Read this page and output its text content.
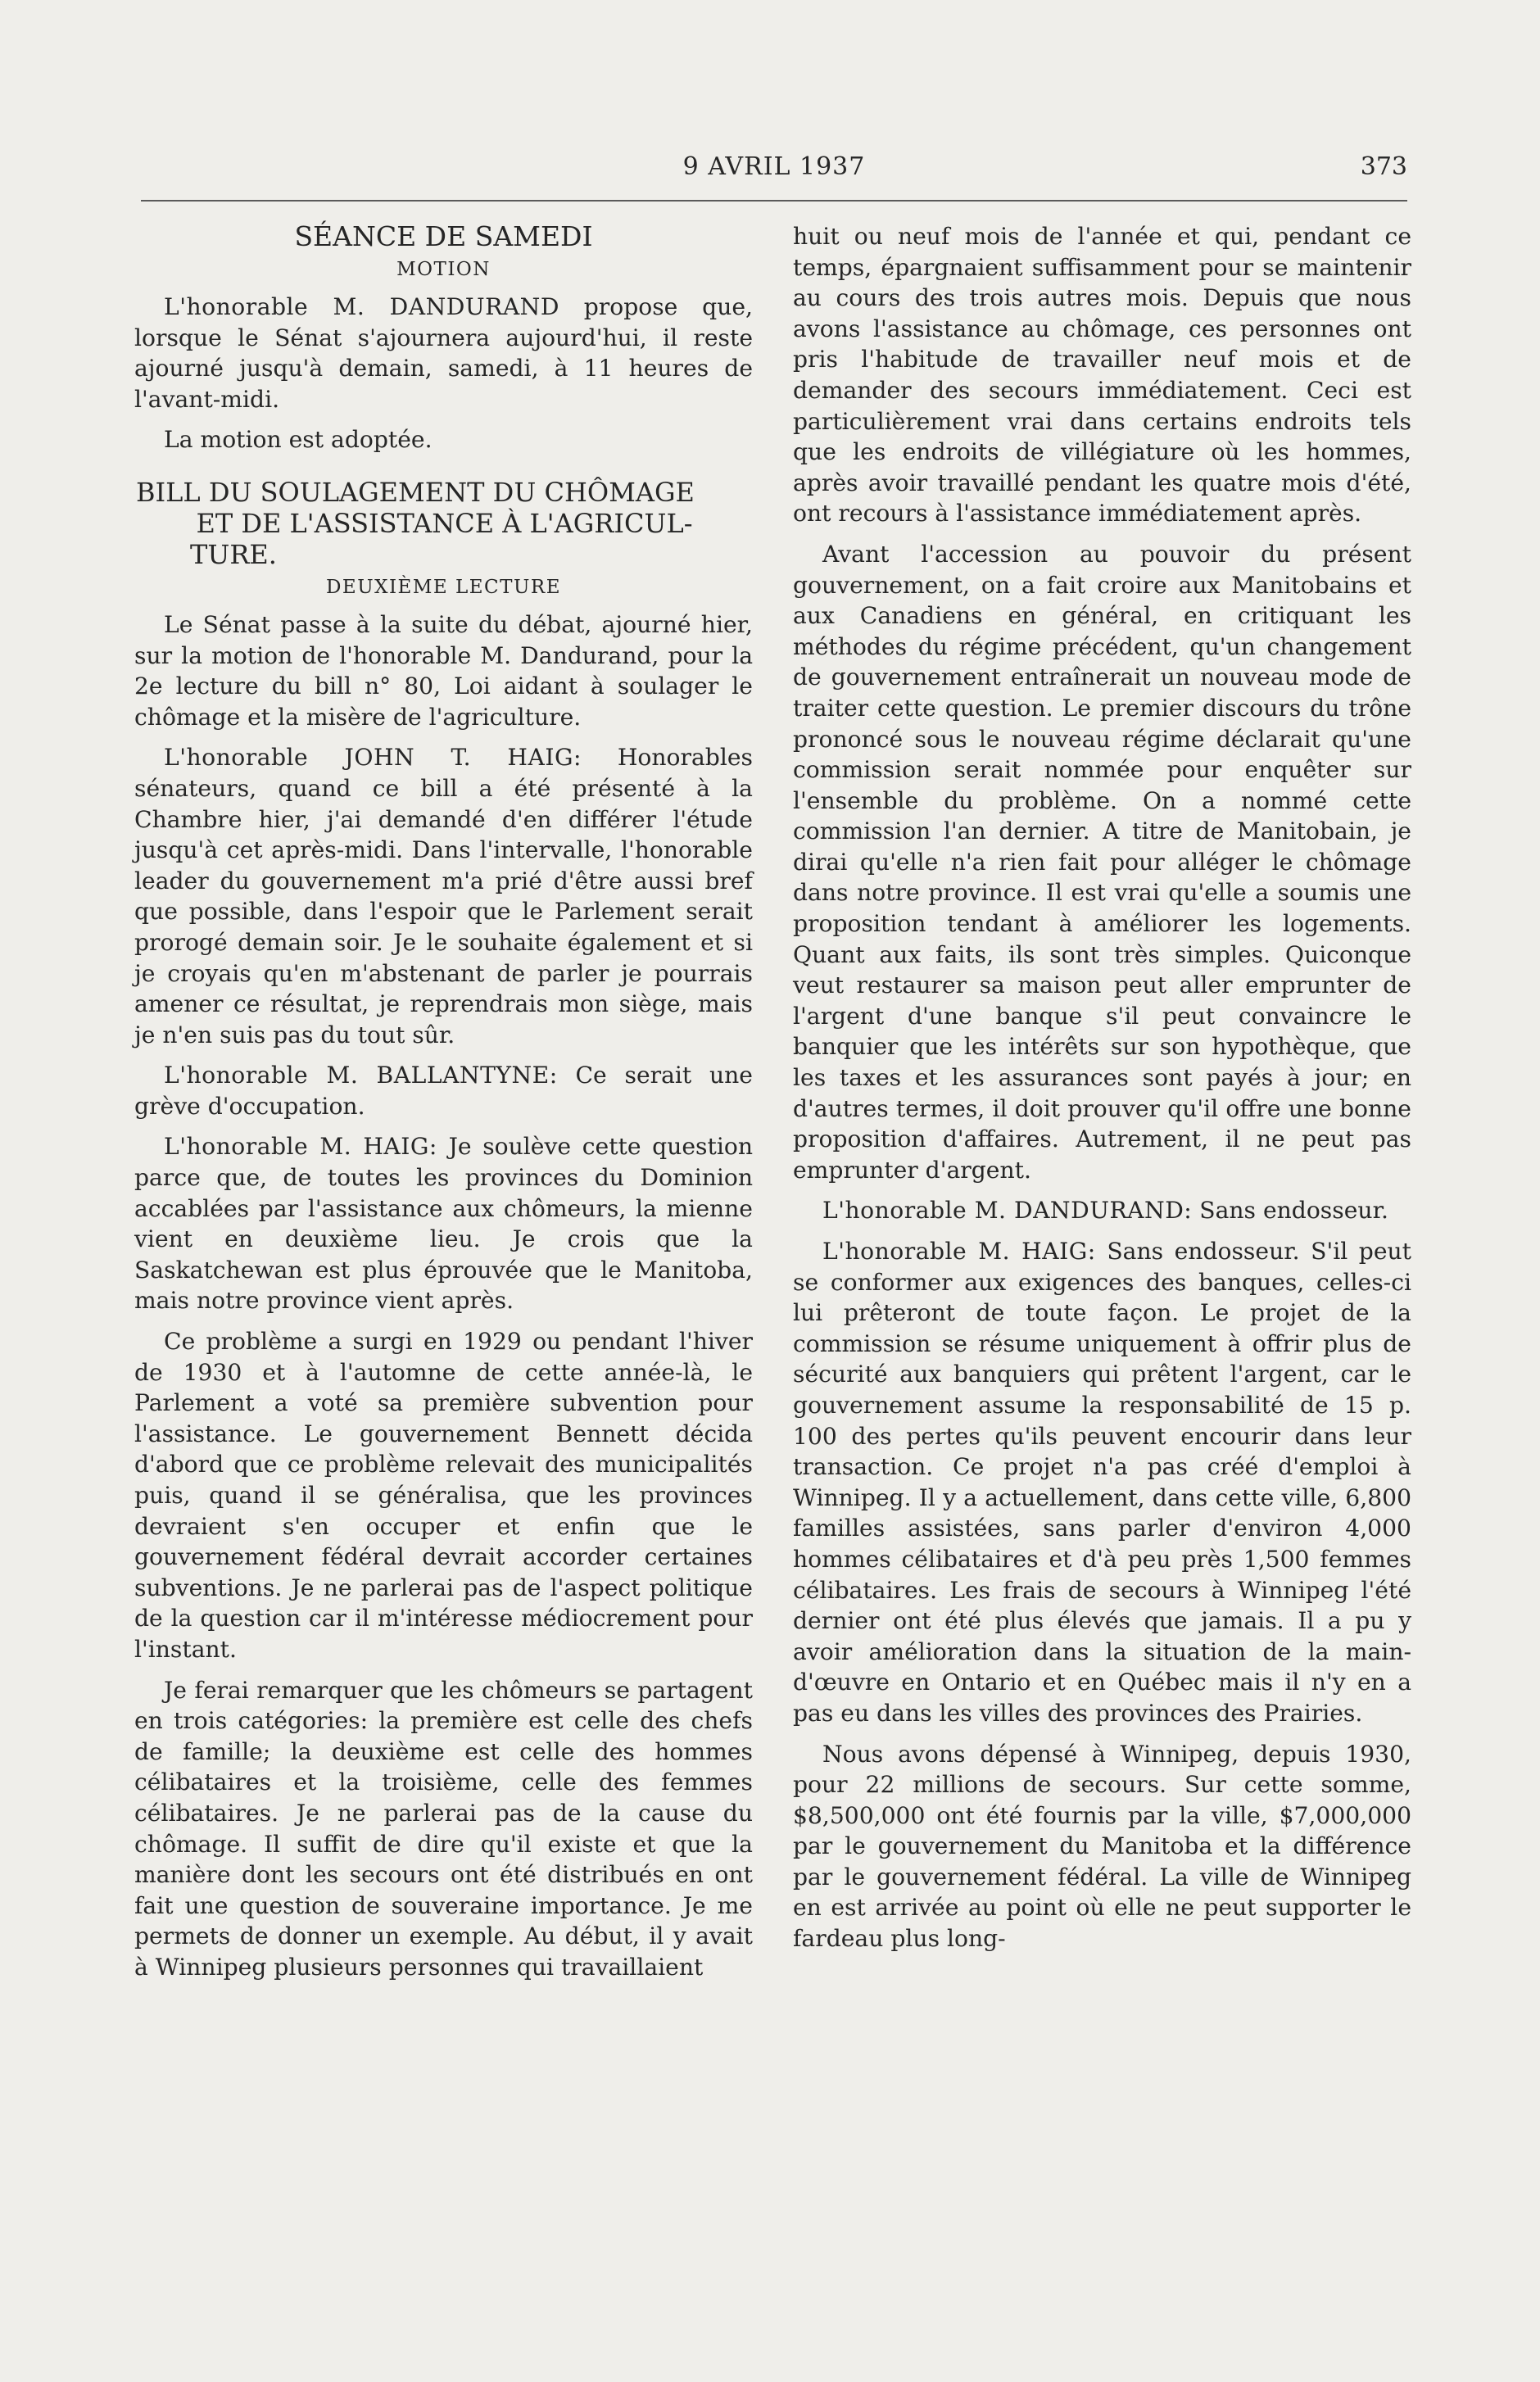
9 AVRIL 1937	373
SÉANCE DE SAMEDI
MOTION

L'honorable M. DANDURAND propose que, lorsque le Sénat s'ajournera aujourd'hui, il reste ajourné jusqu'à demain, samedi, à 11 heures de l'avant-midi.

La motion est adoptée.

BILL DU SOULAGEMENT DU CHÔMAGE
ET DE L'ASSISTANCE À L'AGRICUL-
TURE.
DEUXIÈME LECTURE

Le Sénat passe à la suite du débat, ajourné hier, sur la motion de l'honorable M. Dandurand, pour la 2e lecture du bill n° 80, Loi aidant à soulager le chômage et la misère de l'agriculture.

L'honorable JOHN T. HAIG: Honorables sénateurs, quand ce bill a été présenté à la Chambre hier, j'ai demandé d'en différer l'étude jusqu'à cet après-midi. Dans l'intervalle, l'honorable leader du gouvernement m'a prié d'être aussi bref que possible, dans l'espoir que le Parlement serait prorogé demain soir. Je le souhaite également et si je croyais qu'en m'abstenant de parler je pourrais amener ce résultat, je reprendrais mon siège, mais je n'en suis pas du tout sûr.

L'honorable M. BALLANTYNE: Ce serait une grève d'occupation.

L'honorable M. HAIG: Je soulève cette question parce que, de toutes les provinces du Dominion accablées par l'assistance aux chômeurs, la mienne vient en deuxième lieu. Je crois que la Saskatchewan est plus éprouvée que le Manitoba, mais notre province vient après.

Ce problème a surgi en 1929 ou pendant l'hiver de 1930 et à l'automne de cette année-là, le Parlement a voté sa première subvention pour l'assistance. Le gouvernement Bennett décida d'abord que ce problème relevait des municipalités puis, quand il se généralisa, que les provinces devraient s'en occuper et enfin que le gouvernement fédéral devrait accorder certaines subventions. Je ne parlerai pas de l'aspect politique de la question car il m'intéresse médiocrement pour l'instant.

Je ferai remarquer que les chômeurs se partagent en trois catégories: la première est celle des chefs de famille; la deuxième est celle des hommes célibataires et la troisième, celle des femmes célibataires. Je ne parlerai pas de la cause du chômage. Il suffit de dire qu'il existe et que la manière dont les secours ont été distribués en ont fait une question de souveraine importance. Je me permets de donner un exemple. Au début, il y avait à Winnipeg plusieurs personnes qui travaillaient

huit ou neuf mois de l'année et qui, pendant ce temps, épargnaient suffisamment pour se maintenir au cours des trois autres mois. Depuis que nous avons l'assistance au chômage, ces personnes ont pris l'habitude de travailler neuf mois et de demander des secours immédiatement. Ceci est particulièrement vrai dans certains endroits tels que les endroits de villégiature où les hommes, après avoir travaillé pendant les quatre mois d'été, ont recours à l'assistance immédiatement après.

Avant l'accession au pouvoir du présent gouvernement, on a fait croire aux Manitobains et aux Canadiens en général, en critiquant les méthodes du régime précédent, qu'un changement de gouvernement entraînerait un nouveau mode de traiter cette question. Le premier discours du trône prononcé sous le nouveau régime déclarait qu'une commission serait nommée pour enquêter sur l'ensemble du problème. On a nommé cette commission l'an dernier. A titre de Manitobain, je dirai qu'elle n'a rien fait pour alléger le chômage dans notre province. Il est vrai qu'elle a soumis une proposition tendant à améliorer les logements. Quant aux faits, ils sont très simples. Quiconque veut restaurer sa maison peut aller emprunter de l'argent d'une banque s'il peut convaincre le banquier que les intérêts sur son hypothèque, que les taxes et les assurances sont payés à jour; en d'autres termes, il doit prouver qu'il offre une bonne proposition d'affaires. Autrement, il ne peut pas emprunter d'argent.

L'honorable M. DANDURAND: Sans endosseur.

L'honorable M. HAIG: Sans endosseur. S'il peut se conformer aux exigences des banques, celles-ci lui prêteront de toute façon. Le projet de la commission se résume uniquement à offrir plus de sécurité aux banquiers qui prêtent l'argent, car le gouvernement assume la responsabilité de 15 p. 100 des pertes qu'ils peuvent encourir dans leur transaction. Ce projet n'a pas créé d'emploi à Winnipeg. Il y a actuellement, dans cette ville, 6,800 familles assistées, sans parler d'environ 4,000 hommes célibataires et d'à peu près 1,500 femmes célibataires. Les frais de secours à Winnipeg l'été dernier ont été plus élevés que jamais. Il a pu y avoir amélioration dans la situation de la main-d'œuvre en Ontario et en Québec mais il n'y en a pas eu dans les villes des provinces des Prairies.

Nous avons dépensé à Winnipeg, depuis 1930, pour 22 millions de secours. Sur cette somme, $8,500,000 ont été fournis par la ville, $7,000,000 par le gouvernement du Manitoba et la différence par le gouvernement fédéral. La ville de Winnipeg en est arrivée au point où elle ne peut supporter le fardeau plus long-
